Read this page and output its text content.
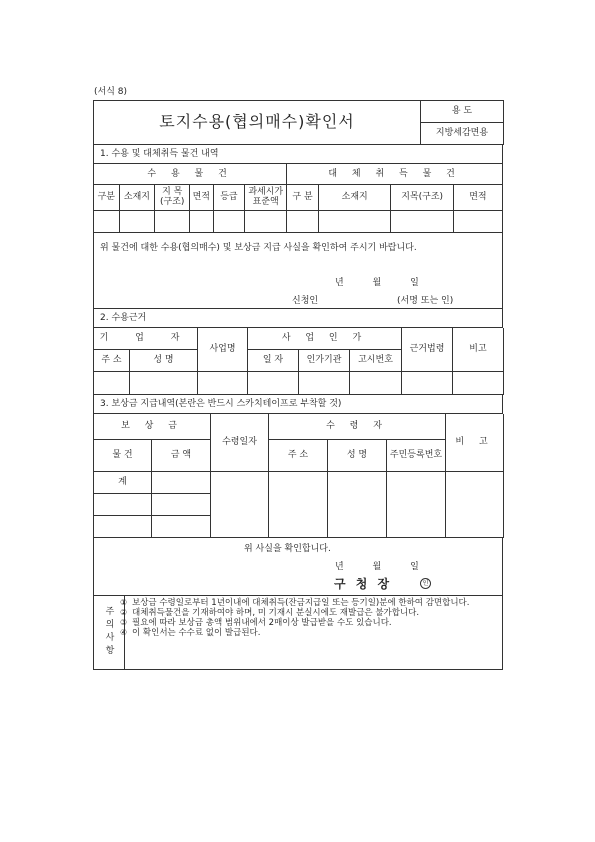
(서식 8)
토지수용(협의매수)확인서	용 도
지방세감면용
1. 수용 및 대체취득 물건 내역
수 용 물 건						대 체 취 득 물 건			
구분	소재지	지 목 (구조)	면적	등급	과세시가표준액	구 분	소재지	지목(구조)	면적

위 물건에 대한 수용(협의매수) 및 보상금 지급 사실을 확인하여 주시기 바랍니다.
년 월 일
신청인	(서명 또는 인)
2. 수용근거
기 업 자		사업명	사 업 인 가			근거법령	비고
주 소	성 명		일 자	인가기관	고시번호		

3. 보상금 지급내역(본란은 반드시 스카치테이프로 부착할 것)
보 상 금		수령일자	수 령 자			비 고
물 건	금 액		주 소	성 명	주민등록번호	
계						

위 사실을 확인합니다.
년 월 일
구 청 장	인
주의사항
① 보상금 수령일로부터 1년이내에 대체취득(잔금지급일 또는 등기일)분에 한하여 감면합니다.
② 대체취득물건을 기재하여야 하며, 미 기재시 분실시에도 재발급은 불가합니다.
③ 필요에 따라 보상금 총액 범위내에서 2매이상 발급받을 수도 있습니다.
④ 이 확인서는 수수료 없이 발급된다.
